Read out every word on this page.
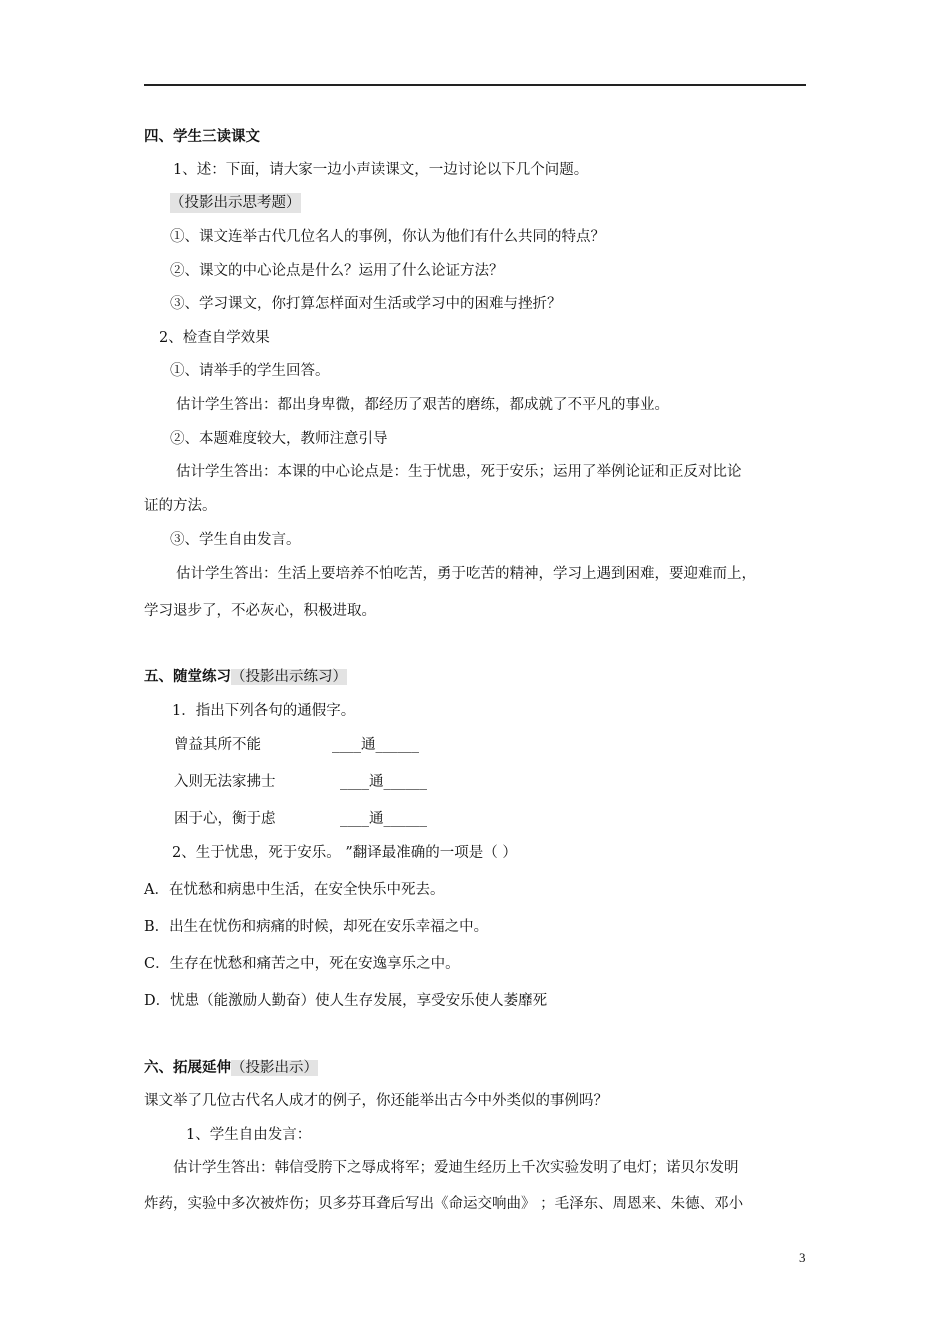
四、学生三读课文
1、述：下面，请大家一边小声读课文，一边讨论以下几个问题。
（投影出示思考题）
①、课文连举古代几位名人的事例，你认为他们有什么共同的特点？
②、课文的中心论点是什么？运用了什么论证方法？
③、学习课文，你打算怎样面对生活或学习中的困难与挫折？
2、检查自学效果
①、请举手的学生回答。
估计学生答出：都出身卑微，都经历了艰苦的磨练，都成就了不平凡的事业。
②、本题难度较大，教师注意引导
估计学生答出：本课的中心论点是：生于忧患，死于安乐；运用了举例论证和正反对比论
证的方法。
③、学生自由发言。
估计学生答出：生活上要培养不怕吃苦，勇于吃苦的精神，学习上遇到困难，要迎难而上，
学习退步了，不必灰心，积极进取。
五、随堂练习（投影出示练习）
1．指出下列各句的通假字。
曾益其所不能	____通______
入则无法家拂士	____通______
困于心，衡于虑	____通______
2、生于忧患，死于安乐。 ”翻译最准确的一项是（ ）
A．在忧愁和病患中生活，在安全快乐中死去。
B．出生在忧伤和病痛的时候，却死在安乐幸福之中。
C．生存在忧愁和痛苦之中，死在安逸享乐之中。
D．忧患（能激励人勤奋）使人生存发展，享受安乐使人萎靡死
六、拓展延伸（投影出示）
课文举了几位古代名人成才的例子，你还能举出古今中外类似的事例吗？
1、学生自由发言：
估计学生答出：韩信受胯下之辱成将军；爱迪生经历上千次实验发明了电灯；诺贝尔发明
炸药，实验中多次被炸伤；贝多芬耳聋后写出《命运交响曲》 ；毛泽东、周恩来、朱德、邓小
3
